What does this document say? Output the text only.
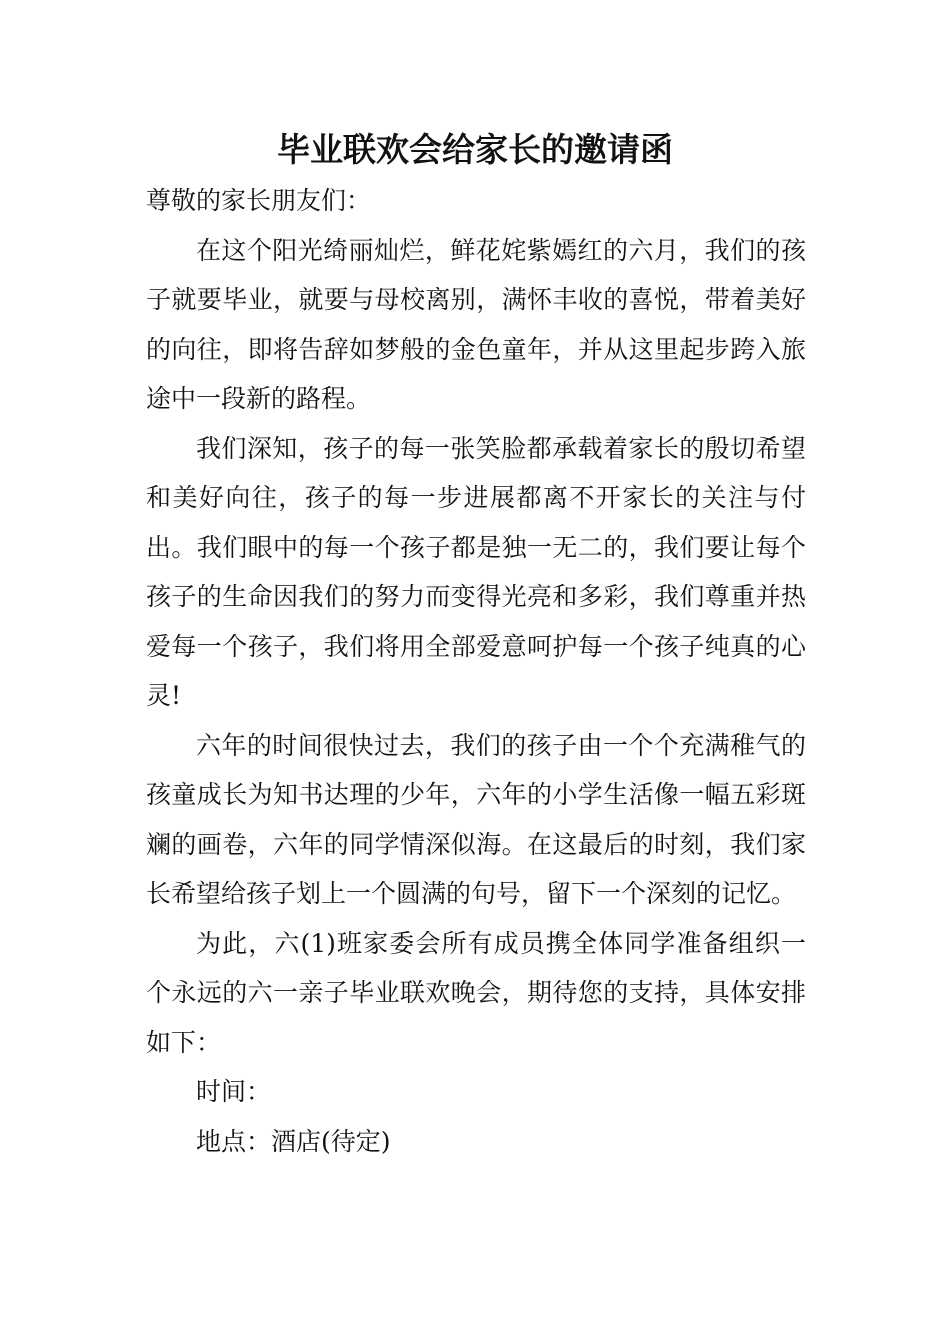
毕业联欢会给家长的邀请函

尊敬的家长朋友们：

在这个阳光绮丽灿烂，鲜花姹紫嫣红的六月，我们的孩子就要毕业，就要与母校离别，满怀丰收的喜悦，带着美好的向往，即将告辞如梦般的金色童年，并从这里起步跨入旅途中一段新的路程。

我们深知，孩子的每一张笑脸都承载着家长的殷切希望和美好向往，孩子的每一步进展都离不开家长的关注与付出。我们眼中的每一个孩子都是独一无二的，我们要让每个孩子的生命因我们的努力而变得光亮和多彩，我们尊重并热爱每一个孩子，我们将用全部爱意呵护每一个孩子纯真的心灵!

六年的时间很快过去，我们的孩子由一个个充满稚气的孩童成长为知书达理的少年，六年的小学生活像一幅五彩斑斓的画卷，六年的同学情深似海。在这最后的时刻，我们家长希望给孩子划上一个圆满的句号，留下一个深刻的记忆。

为此，六(1)班家委会所有成员携全体同学准备组织一个永远的六一亲子毕业联欢晚会，期待您的支持，具体安排如下：

时间：

地点：酒店(待定)
